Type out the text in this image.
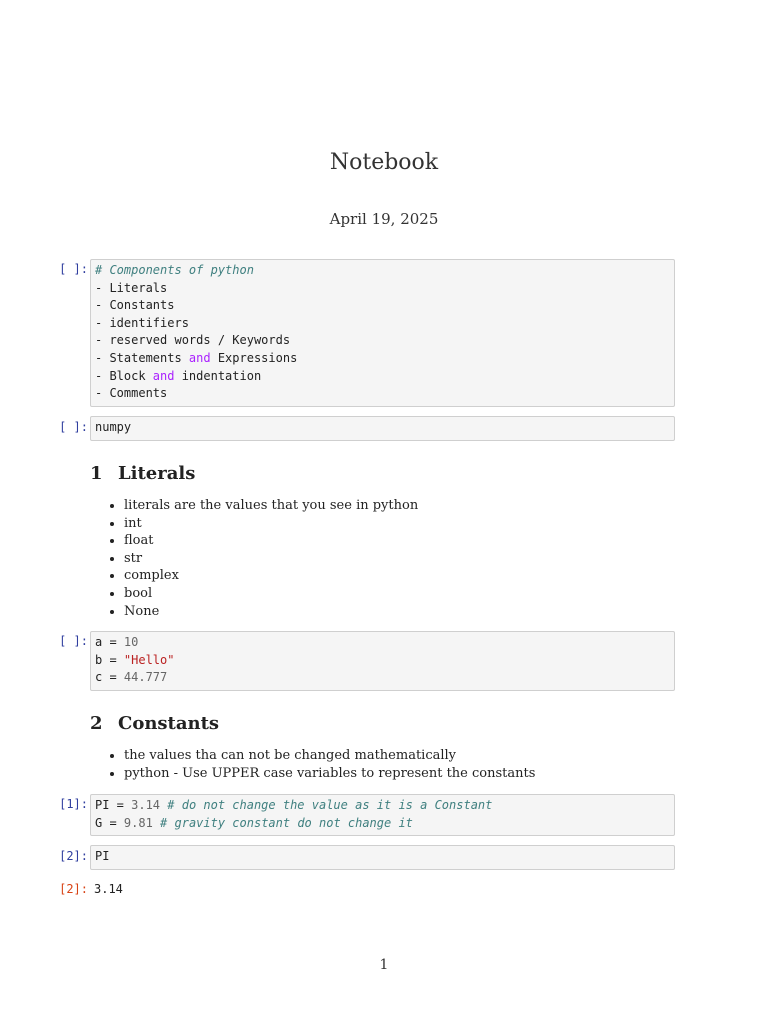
Notebook
April 19, 2025
[ ]: # Components of python
- Literals
- Constants
- identifiers
- reserved words / Keywords
- Statements and Expressions
- Block and indentation
- Comments
[ ]: numpy
1 Literals
• literals are the values that you see in python
• int
• float
• str
• complex
• bool
• None
[ ]: a = 10
b = "Hello"
c = 44.777
2 Constants
• the values tha can not be changed mathematically
• python - Use UPPER case variables to represent the constants
[1]: PI = 3.14 # do not change the value as it is a Constant
G = 9.81 # gravity constant do not change it
[2]: PI
[2]: 3.14
1
